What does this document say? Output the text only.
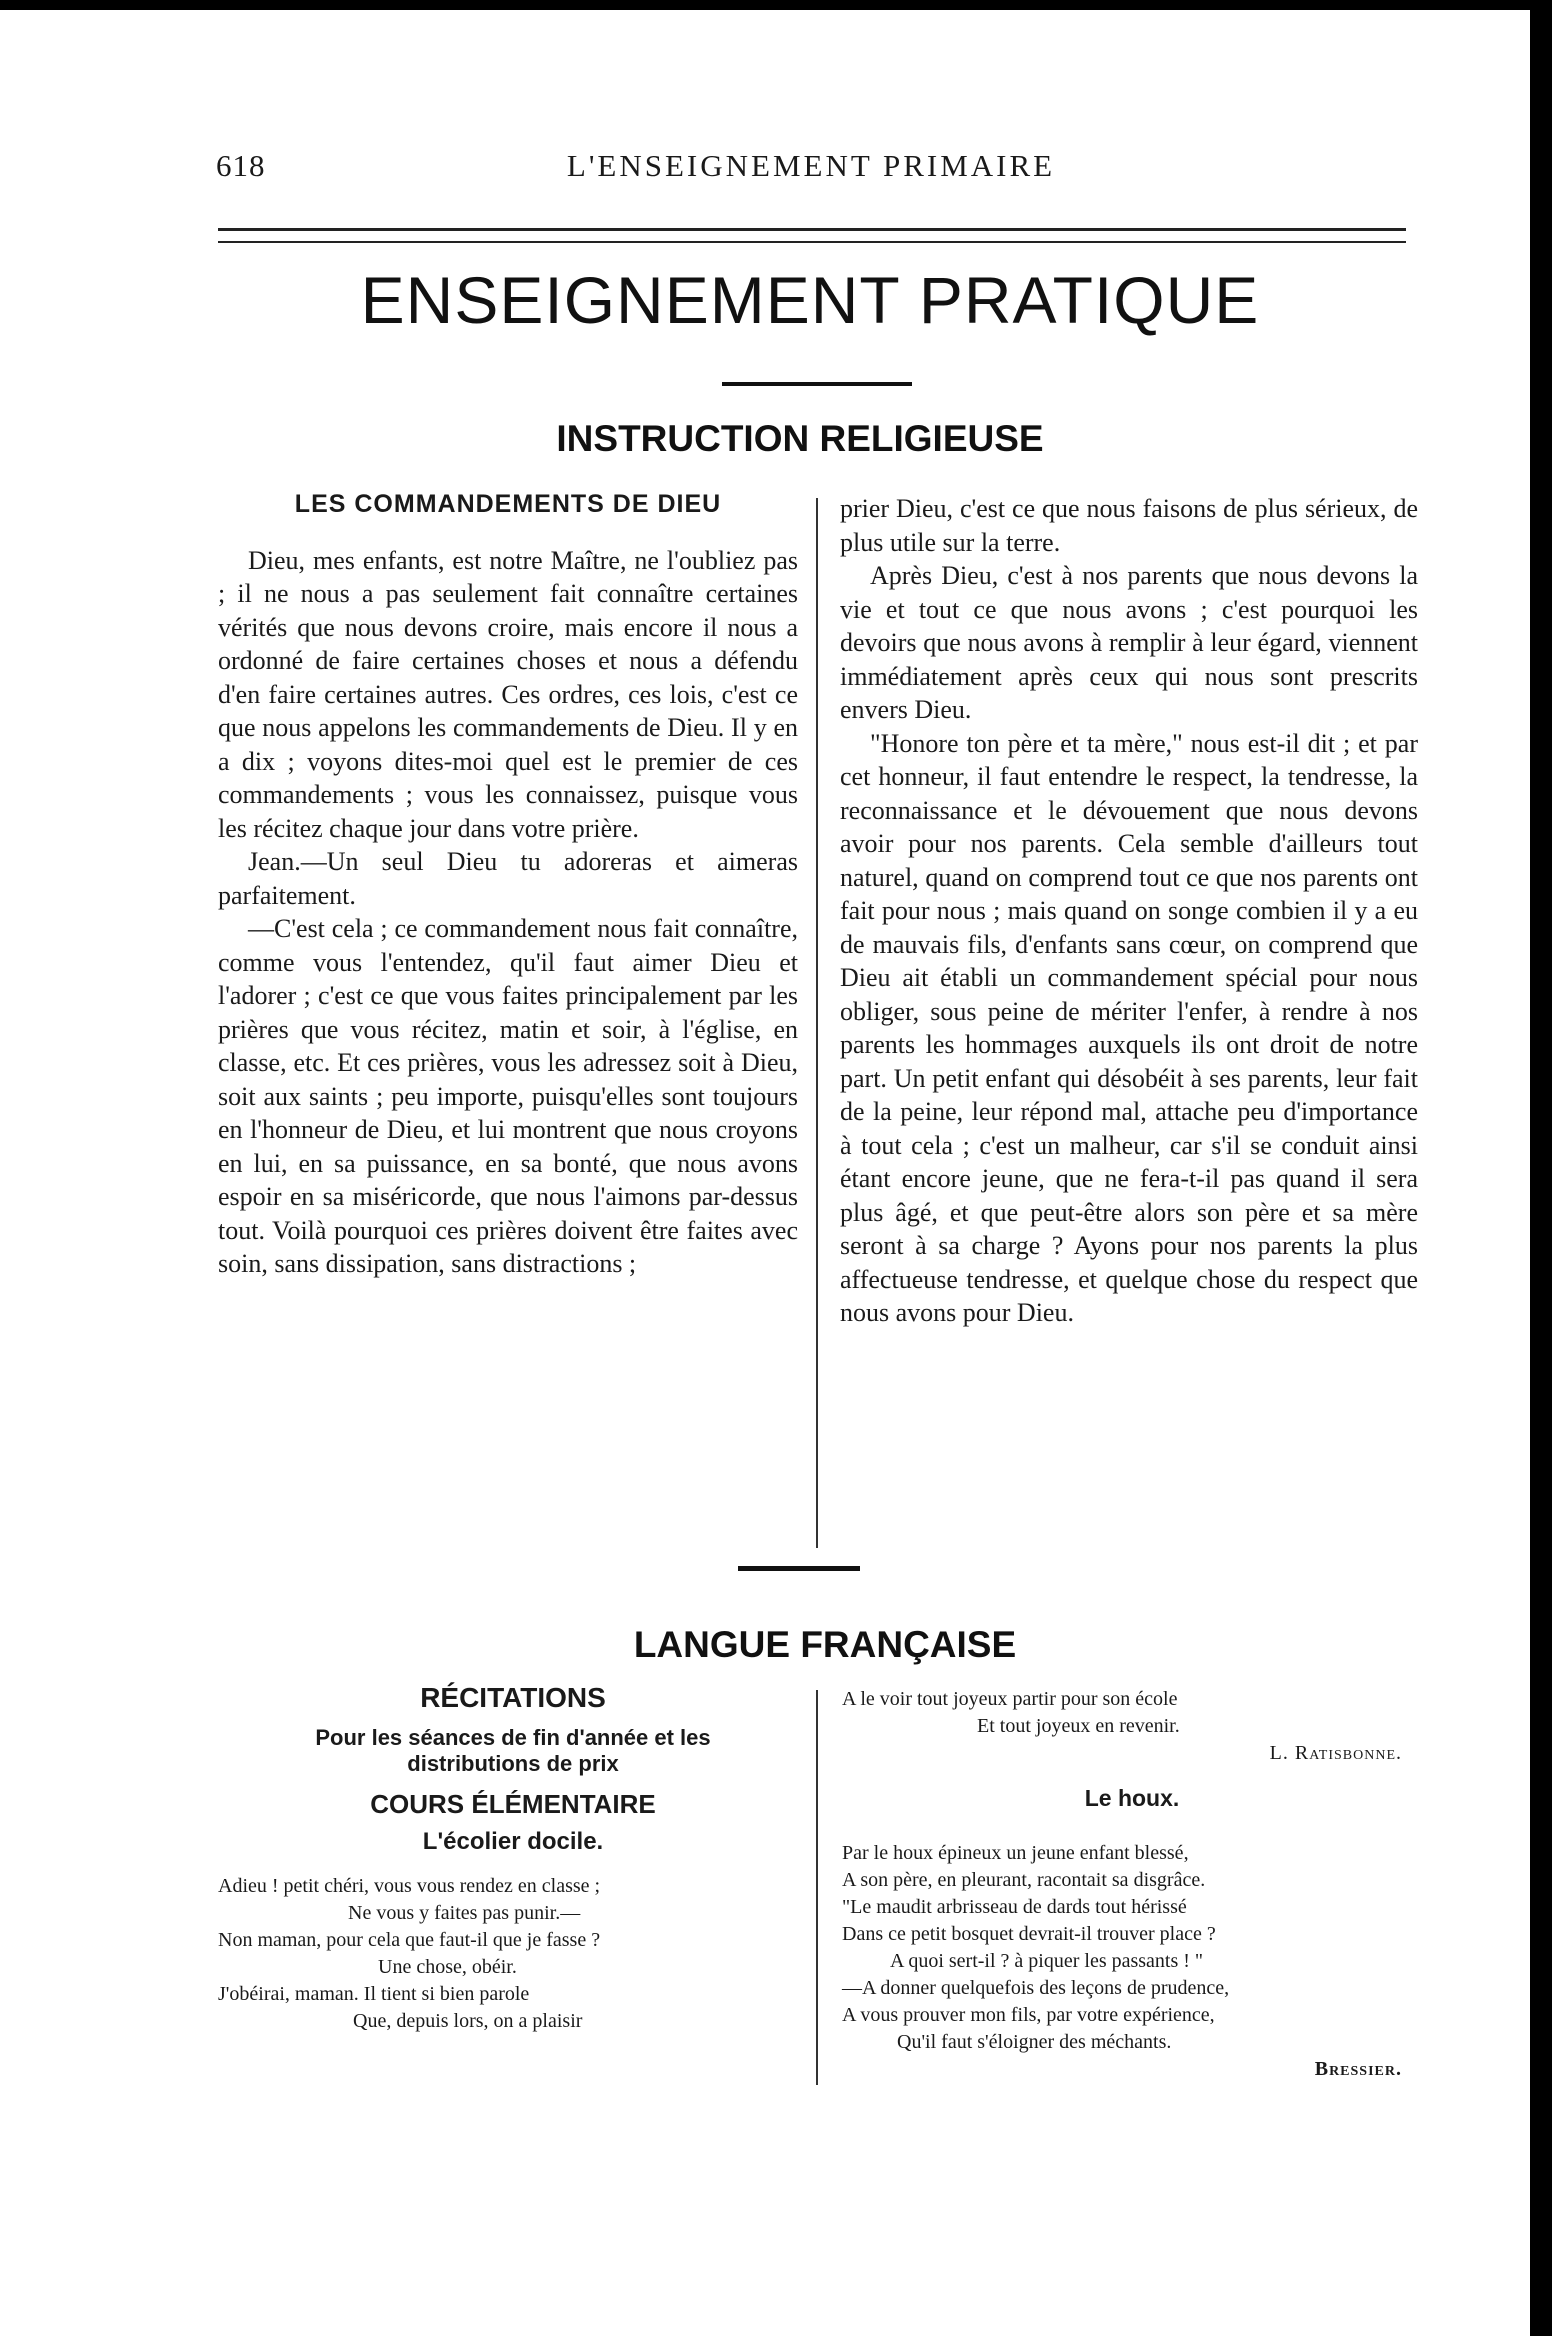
618	L'ENSEIGNEMENT PRIMAIRE
ENSEIGNEMENT PRATIQUE
INSTRUCTION RELIGIEUSE
LES COMMANDEMENTS DE DIEU

Dieu, mes enfants, est notre Maître, ne l'oubliez pas ; il ne nous a pas seulement fait connaître certaines vérités que nous devons croire, mais encore il nous a ordonné de faire certaines choses et nous a défendu d'en faire certaines autres. Ces ordres, ces lois, c'est ce que nous appelons les commandements de Dieu. Il y en a dix ; voyons dites-moi quel est le premier de ces commandements ; vous les connaissez, puisque vous les récitez chaque jour dans votre prière.

Jean.—Un seul Dieu tu adoreras et aimeras parfaitement.

—C'est cela ; ce commandement nous fait connaître, comme vous l'entendez, qu'il faut aimer Dieu et l'adorer ; c'est ce que vous faites principalement par les prières que vous récitez, matin et soir, à l'église, en classe, etc. Et ces prières, vous les adressez soit à Dieu, soit aux saints ; peu importe, puisqu'elles sont toujours en l'honneur de Dieu, et lui montrent que nous croyons en lui, en sa puissance, en sa bonté, que nous avons espoir en sa miséricorde, que nous l'aimons par-dessus tout. Voilà pourquoi ces prières doivent être faites avec soin, sans dissipation, sans distractions ;

prier Dieu, c'est ce que nous faisons de plus sérieux, de plus utile sur la terre.

Après Dieu, c'est à nos parents que nous devons la vie et tout ce que nous avons ; c'est pourquoi les devoirs que nous avons à remplir à leur égard, viennent immédiatement après ceux qui nous sont prescrits envers Dieu.

"Honore ton père et ta mère," nous est-il dit ; et par cet honneur, il faut entendre le respect, la tendresse, la reconnaissance et le dévouement que nous devons avoir pour nos parents. Cela semble d'ailleurs tout naturel, quand on comprend tout ce que nos parents ont fait pour nous ; mais quand on songe combien il y a eu de mauvais fils, d'enfants sans cœur, on comprend que Dieu ait établi un commandement spécial pour nous obliger, sous peine de mériter l'enfer, à rendre à nos parents les hommages auxquels ils ont droit de notre part. Un petit enfant qui désobéit à ses parents, leur fait de la peine, leur répond mal, attache peu d'importance à tout cela ; c'est un malheur, car s'il se conduit ainsi étant encore jeune, que ne fera-t-il pas quand il sera plus âgé, et que peut-être alors son père et sa mère seront à sa charge ? Ayons pour nos parents la plus affectueuse tendresse, et quelque chose du respect que nous avons pour Dieu.

LANGUE FRANÇAISE
RÉCITATIONS
Pour les séances de fin d'année et les distributions de prix
COURS ÉLÉMENTAIRE
L'écolier docile.
Adieu ! petit chéri, vous vous rendez en classe ;
Ne vous y faites pas punir.—
Non maman, pour cela que faut-il que je fasse ?
Une chose, obéir.
J'obéirai, maman. Il tient si bien parole
Que, depuis lors, on a plaisir
A le voir tout joyeux partir pour son école
Et tout joyeux en revenir.
L. Ratisbonne.
Le houx.
Par le houx épineux un jeune enfant blessé,
A son père, en pleurant, racontait sa disgrâce.
"Le maudit arbrisseau de dards tout hérissé
Dans ce petit bosquet devrait-il trouver place ?
A quoi sert-il ? à piquer les passants ! "
—A donner quelquefois des leçons de prudence,
A vous prouver mon fils, par votre expérience,
Qu'il faut s'éloigner des méchants.
Bressier.
